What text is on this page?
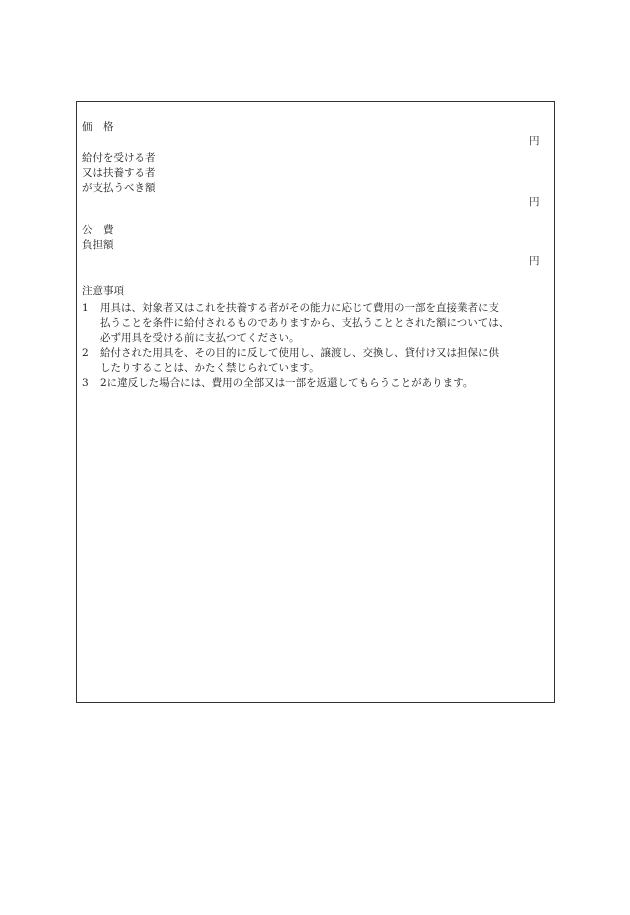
価　格
円
給付を受ける者
又は扶養する者
が支払うべき額
円
公　費
負担額
円
注意事項
1	用具は、対象者又はこれを扶養する者がその能力に応じて費用の一部を直接業者に支
払うことを条件に給付されるものでありますから、支払うこととされた額については、
必ず用具を受ける前に支払つてください。
2	給付された用具を、その目的に反して使用し、譲渡し、交換し、貸付け又は担保に供
したりすることは、かたく禁じられています。
3	2に違反した場合には、費用の全部又は一部を返還してもらうことがあります。
